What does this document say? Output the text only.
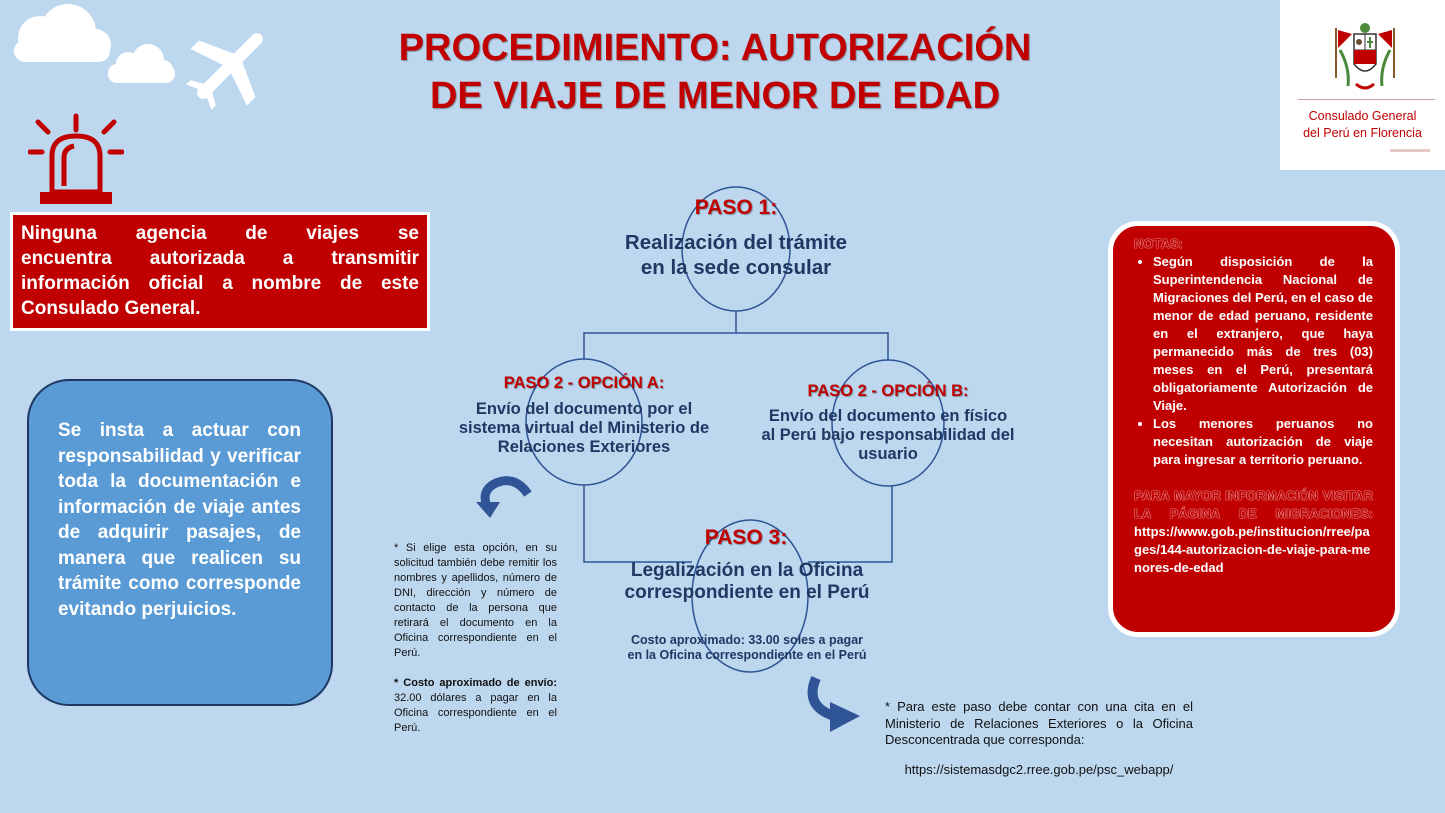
PROCEDIMIENTO: AUTORIZACIÓN
DE VIAJE DE MENOR DE EDAD	Consulado General
del Perú en Florencia
Ninguna agencia de viajes se
encuentra autorizada a transmitir
información oficial a nombre de este
Consulado General.
Se insta a actuar con responsabilidad y verificar toda la documentación e información de viaje antes de adquirir pasajes, de manera que realicen su trámite como corresponde evitando perjuicios.
PASO 1:
Realización del trámite en la sede consular
PASO 2 - OPCIÓN A:
Envío del documento por el sistema virtual del Ministerio de Relaciones Exteriores
PASO 2 - OPCIÓN B:
Envío del documento en físico al Perú bajo responsabilidad del usuario
PASO 3:
Legalización en la Oficina correspondiente en el Perú
Costo aproximado: 33.00 soles a pagar en la Oficina correspondiente en el Perú
* Si elige esta opción, en su solicitud también debe remitir los nombres y apellidos, número de DNI, dirección y número de contacto de la persona que retirará el documento en la Oficina correspondiente en el Perú.
* Costo aproximado de envío: 32.00 dólares a pagar en la Oficina correspondiente en el Perú.
* Para este paso debe contar con una cita en el Ministerio de Relaciones Exteriores o la Oficina Desconcentrada que corresponda:
https://sistemasdgc2.rree.gob.pe/psc_webapp/
NOTAS:
• Según disposición de la Superintendencia Nacional de Migraciones del Perú, en el caso de menor de edad peruano, residente en el extranjero, que haya permanecido más de tres (03) meses en el Perú, presentará obligatoriamente Autorización de Viaje.
• Los menores peruanos no necesitan autorización de viaje para ingresar a territorio peruano.
PARA MAYOR INFORMACIÓN VISITAR LA PÁGINA DE MIGRACIONES:
https://www.gob.pe/institucion/rree/pages/144-autorizacion-de-viaje-para-menores-de-edad
